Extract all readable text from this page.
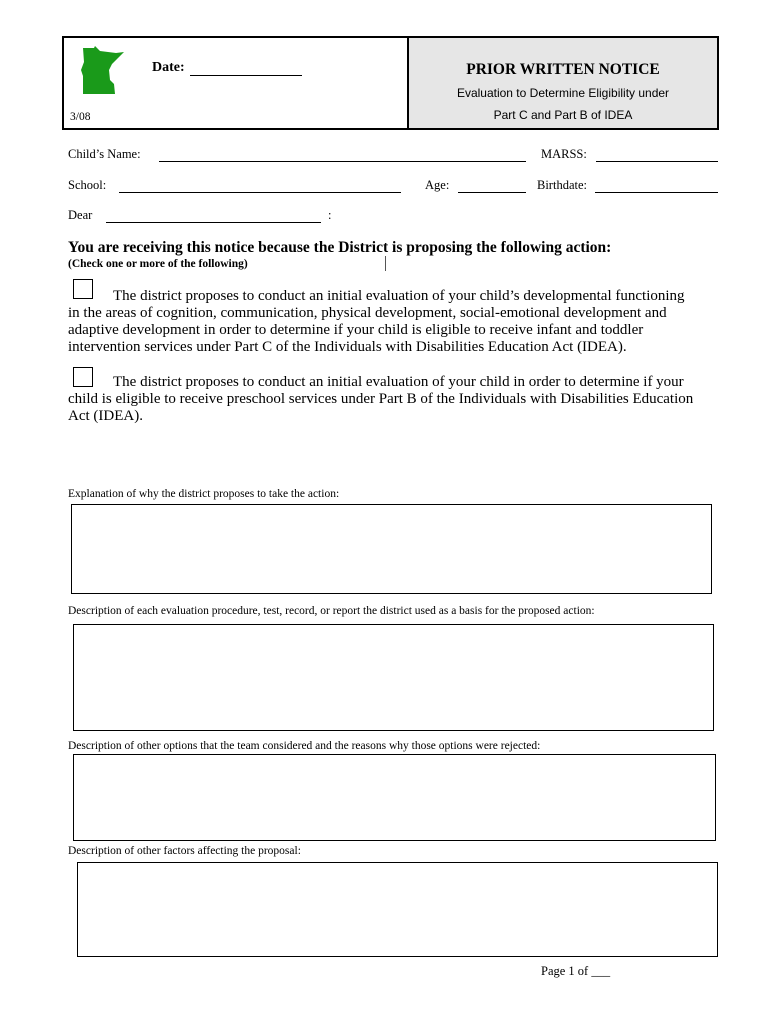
Date:
3/08
PRIOR WRITTEN NOTICE
Evaluation to Determine Eligibility under
Part C and Part B of IDEA
Child’s Name:	MARSS:
School:	Age:	Birthdate:
Dear	:
You are receiving this notice because the District is proposing the following action:
(Check one or more of the following)
The district proposes to conduct an initial evaluation of your child’s developmental functioning
in the areas of cognition, communication, physical development, social-emotional development and
adaptive development in order to determine if your child is eligible to receive infant and toddler
intervention services under Part C of the Individuals with Disabilities Education Act (IDEA).
The district proposes to conduct an initial evaluation of your child in order to determine if your
child is eligible to receive preschool services under Part B of the Individuals with Disabilities Education
Act (IDEA).
Explanation of why the district proposes to take the action:
Description of each evaluation procedure, test, record, or report the district used as a basis for the proposed action:
Description of other options that the team considered and the reasons why those options were rejected:
Description of other factors affecting the proposal:
Page 1 of ___
